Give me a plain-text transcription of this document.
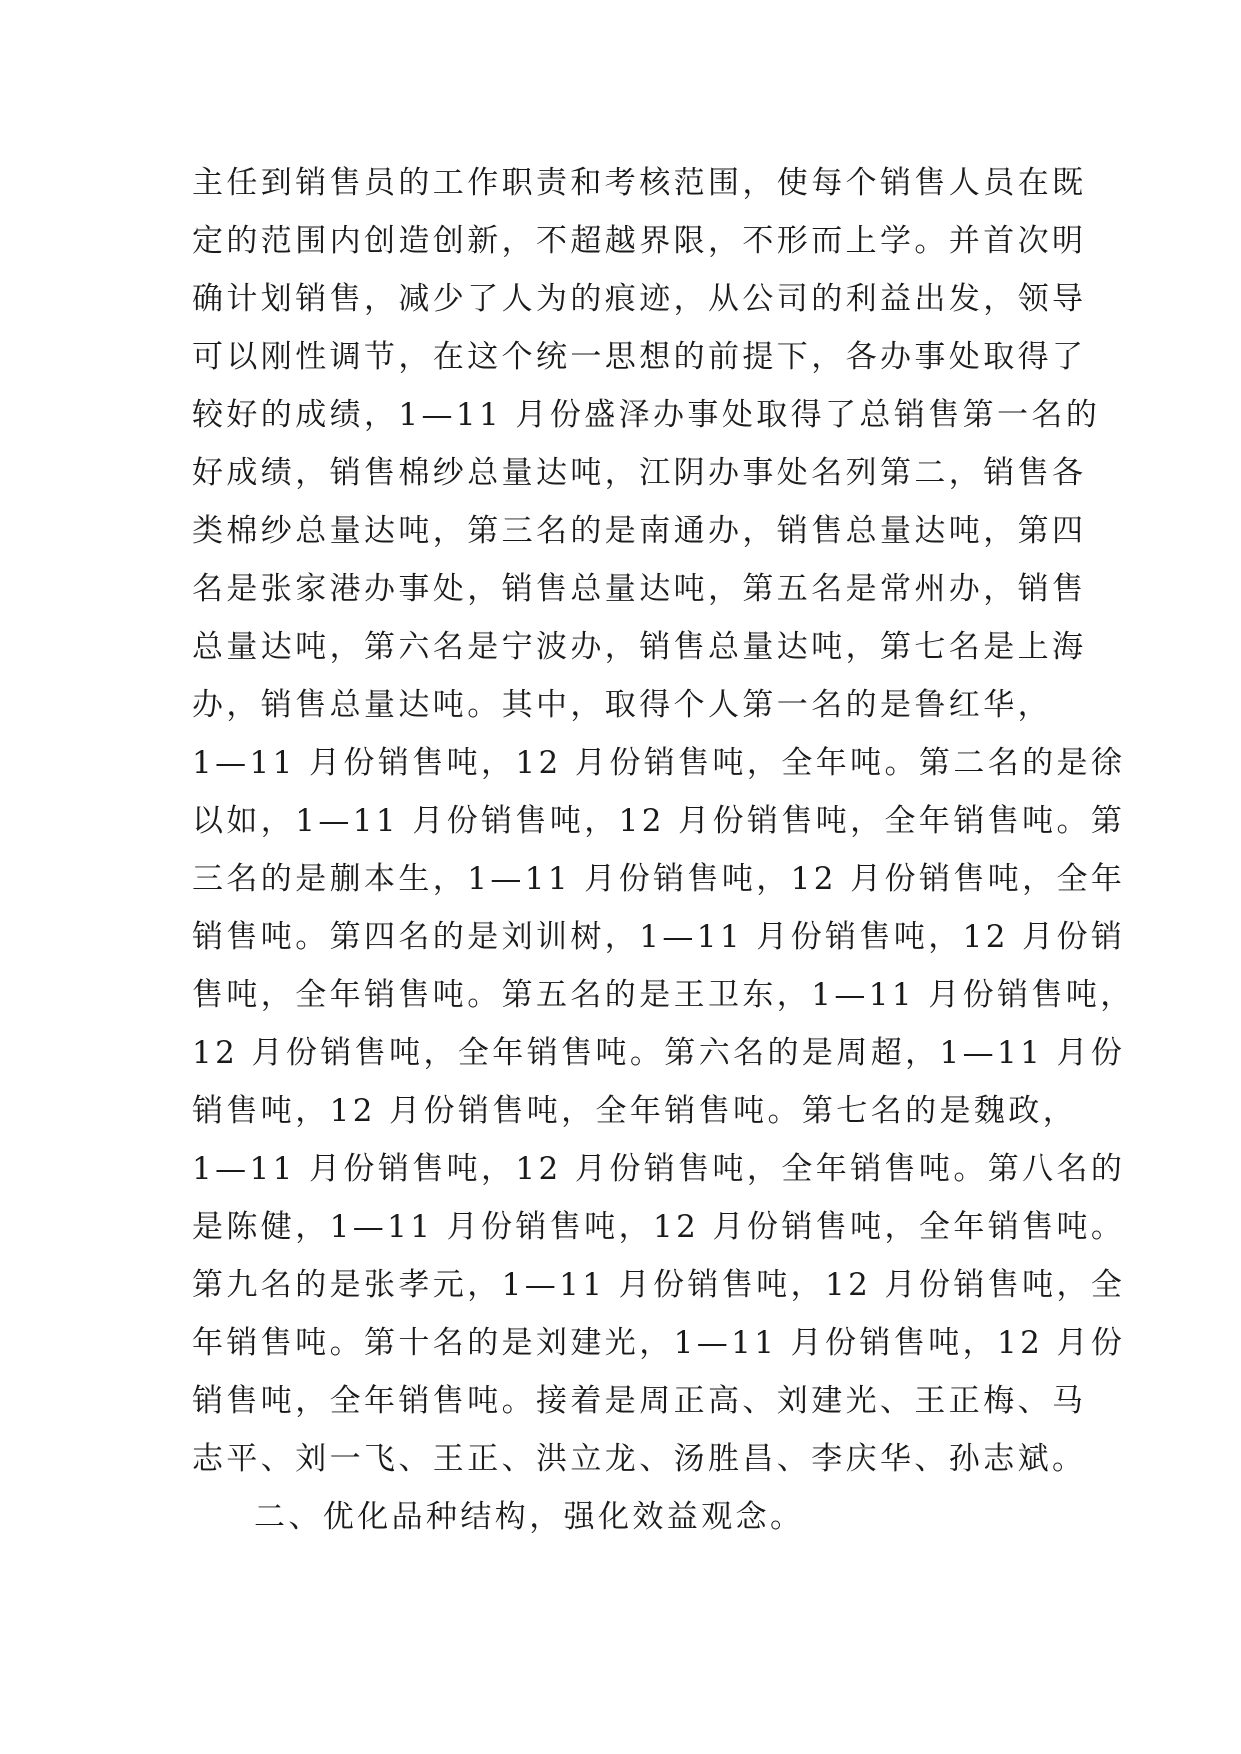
主任到销售员的工作职责和考核范围，使每个销售人员在既
定的范围内创造创新，不超越界限，不形而上学。并首次明
确计划销售，减少了人为的痕迹，从公司的利益出发，领导
可以刚性调节，在这个统一思想的前提下，各办事处取得了
较好的成绩，1—11 月份盛泽办事处取得了总销售第一名的
好成绩，销售棉纱总量达吨，江阴办事处名列第二，销售各
类棉纱总量达吨，第三名的是南通办，销售总量达吨，第四
名是张家港办事处，销售总量达吨，第五名是常州办，销售
总量达吨，第六名是宁波办，销售总量达吨，第七名是上海
办，销售总量达吨。其中，取得个人第一名的是鲁红华，
1—11 月份销售吨，12 月份销售吨，全年吨。第二名的是徐
以如，1—11 月份销售吨，12 月份销售吨，全年销售吨。第
三名的是蒯本生，1—11 月份销售吨，12 月份销售吨，全年
销售吨。第四名的是刘训树，1—11 月份销售吨，12 月份销
售吨，全年销售吨。第五名的是王卫东，1—11 月份销售吨，
12 月份销售吨，全年销售吨。第六名的是周超，1—11 月份
销售吨，12 月份销售吨，全年销售吨。第七名的是魏政，
1—11 月份销售吨，12 月份销售吨，全年销售吨。第八名的
是陈健，1—11 月份销售吨，12 月份销售吨，全年销售吨。
第九名的是张孝元，1—11 月份销售吨，12 月份销售吨，全
年销售吨。第十名的是刘建光，1—11 月份销售吨，12 月份
销售吨，全年销售吨。接着是周正高、刘建光、王正梅、马
志平、刘一飞、王正、洪立龙、汤胜昌、李庆华、孙志斌。
二、优化品种结构，强化效益观念。
